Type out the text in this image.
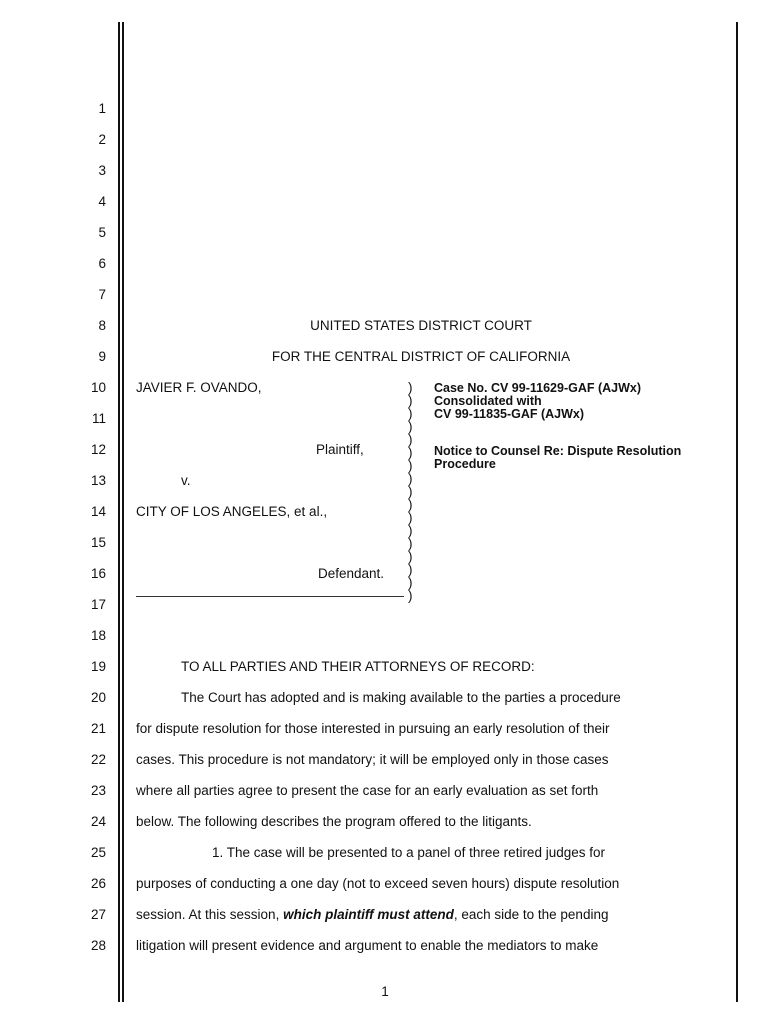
1
2
3
4
5
6
7
8
9
10
11
12
13
14
15
16
17
18
19
20
21
22
23
24
25
26
27
28
UNITED STATES DISTRICT COURT
FOR THE CENTRAL DISTRICT OF CALIFORNIA
JAVIER F. OVANDO,
Plaintiff,
v.
CITY OF LOS ANGELES, et al.,
Defendant.
)
)
)
)
)
)
)
)
)
)
)
)
)
)
)
)
)
Case No. CV 99-11629-GAF (AJWx)
Consolidated with
CV 99-11835-GAF (AJWx)
Notice to Counsel Re: Dispute Resolution
Procedure
TO ALL PARTIES AND THEIR ATTORNEYS OF RECORD:
The Court has adopted and is making available to the parties a procedure
for dispute resolution for those interested in pursuing an early resolution of their
cases. This procedure is not mandatory; it will be employed only in those cases
where all parties agree to present the case for an early evaluation as set forth
below. The following describes the program offered to the litigants.
1. The case will be presented to a panel of three retired judges for
purposes of conducting a one day (not to exceed seven hours) dispute resolution
session. At this session, which plaintiff must attend, each side to the pending
litigation will present evidence and argument to enable the mediators to make
1
